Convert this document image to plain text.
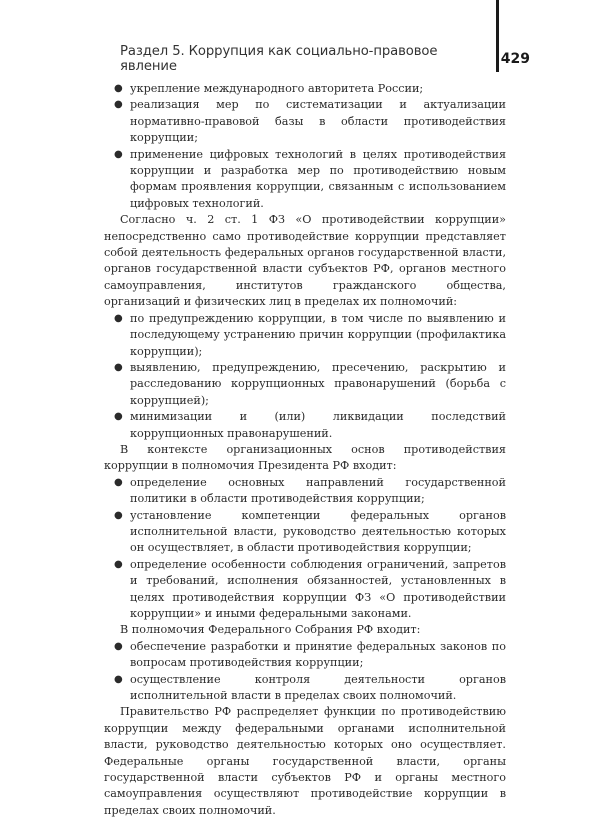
Раздел 5. Коррупция как социально-правовое явление	429
● укрепление международного авторитета России;
● реализация мер по систематизации и актуализации нормативно-правовой базы в области противодействия коррупции;
● применение цифровых технологий в целях противодействия коррупции и разработка мер по противодействию новым формам проявления коррупции, связанным с использованием цифровых технологий.

Согласно ч. 2 ст. 1 ФЗ «О противодействии коррупции» непосредственно само противодействие коррупции представляет собой деятельность федеральных органов государственной власти, органов государственной власти субъектов РФ, органов местного самоуправления, институтов гражданского общества, организаций и физических лиц в пределах их полномочий:

● по предупреждению коррупции, в том числе по выявлению и последующему устранению причин коррупции (профилактика коррупции);
● выявлению, предупреждению, пресечению, раскрытию и расследованию коррупционных правонарушений (борьба с коррупцией);
● минимизации и (или) ликвидации последствий коррупционных правонарушений.

В контексте организационных основ противодействия коррупции в полномочия Президента РФ входит:

● определение основных направлений государственной политики в области противодействия коррупции;
● установление компетенции федеральных органов исполнительной власти, руководство деятельностью которых он осуществляет, в области противодействия коррупции;
● определение особенности соблюдения ограничений, запретов и требований, исполнения обязанностей, установленных в целях противодействия коррупции ФЗ «О противодействии коррупции» и иными федеральными законами.

В полномочия Федерального Собрания РФ входит:

● обеспечение разработки и принятие федеральных законов по вопросам противодействия коррупции;
● осуществление контроля деятельности органов исполнительной власти в пределах своих полномочий.

Правительство РФ распределяет функции по противодействию коррупции между федеральными органами исполнительной власти, руководство деятельностью которых оно осуществляет. Федеральные органы государственной власти, органы государственной власти субъектов РФ и органы местного самоуправления осуществляют противодействие коррупции в пределах своих полномочий.
